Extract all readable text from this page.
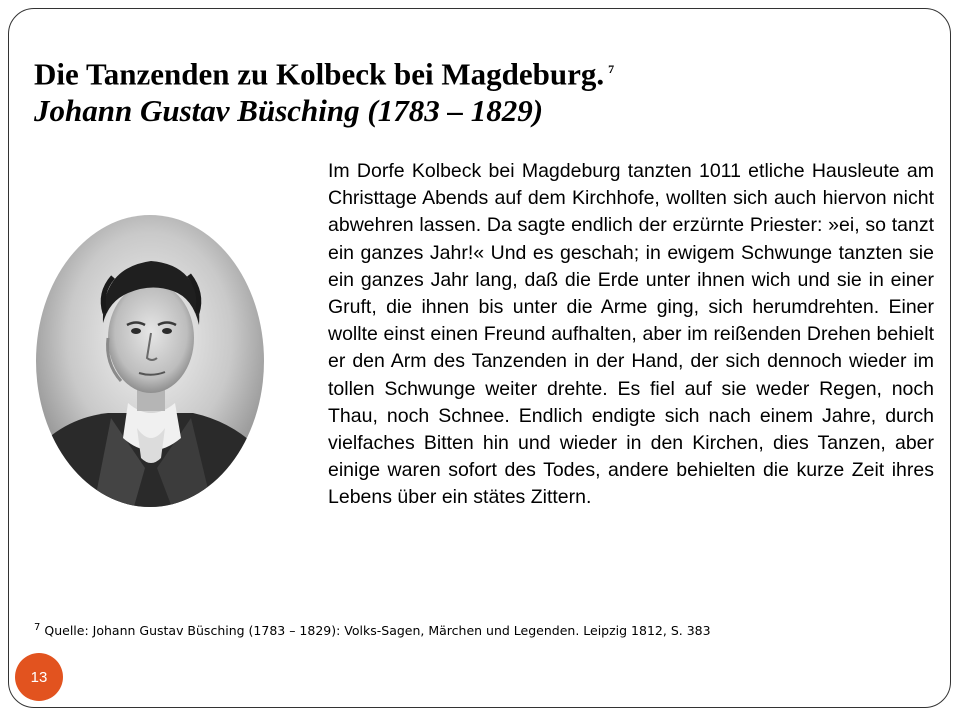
Die Tanzenden zu Kolbeck bei Magdeburg. $^7$
Johann Gustav Büsching (1783 – 1829)

Im Dorfe Kolbeck bei Magdeburg tanzten 1011 etliche Hausleute am Christtage Abends auf dem Kirchhofe, wollten sich auch hiervon nicht abwehren lassen. Da sagte endlich der erzürnte Priester: »ei, so tanzt ein ganzes Jahr!« Und es geschah; in ewigem Schwunge tanzten sie ein ganzes Jahr lang, daß die Erde unter ihnen wich und sie in einer Gruft, die ihnen bis unter die Arme ging, sich herumdrehten. Einer wollte einst einen Freund aufhalten, aber im reißenden Drehen behielt er den Arm des Tanzenden in der Hand, der sich dennoch wieder im tollen Schwunge weiter drehte. Es fiel auf sie weder Regen, noch Thau, noch Schnee. Endlich endigte sich nach einem Jahre, durch vielfaches Bitten hin und wieder in den Kirchen, dies Tanzen, aber einige waren sofort des Todes, andere behielten die kurze Zeit ihres Lebens über ein stätes Zittern.

$^7$ Quelle: Johann Gustav Büsching (1783 – 1829): Volks-Sagen, Märchen und Legenden. Leipzig 1812, S. 383

13
